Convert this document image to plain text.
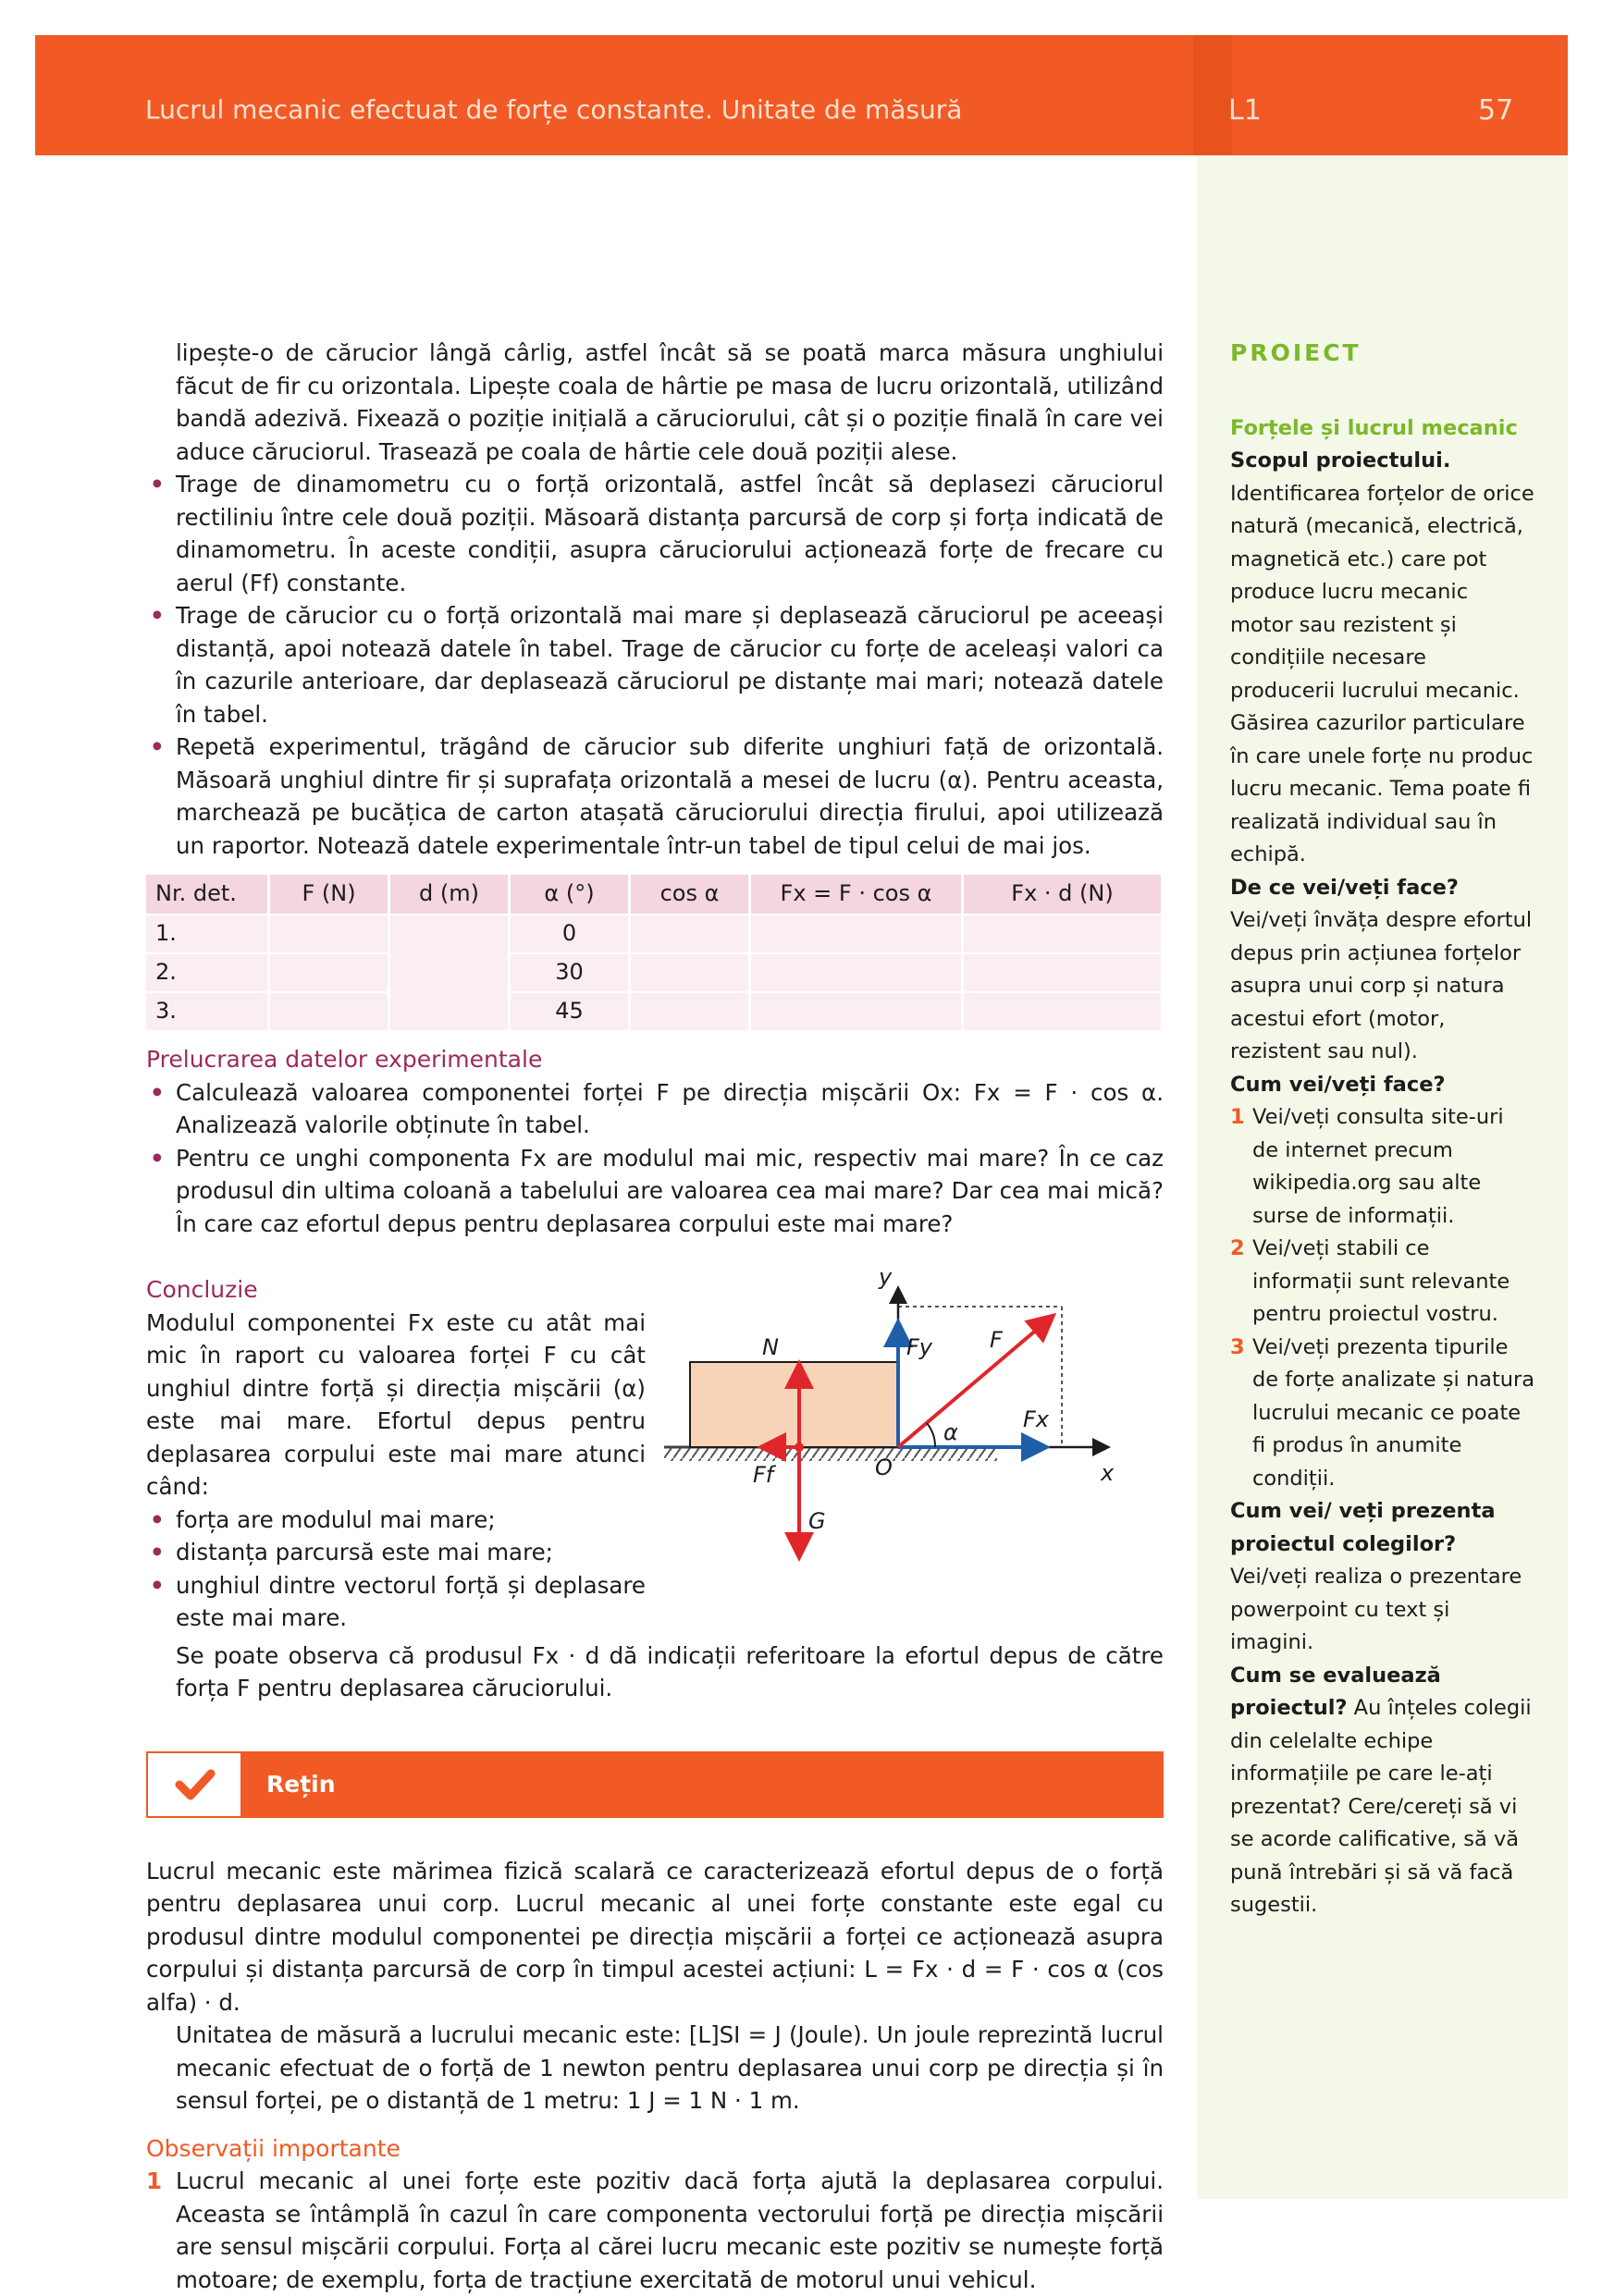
Lucrul mecanic efectuat de forțe constante. Unitate de măsură	L1	57

lipește-o de cărucior lângă cârlig, astfel încât să se poată marca măsura unghiului făcut de fir cu orizontala. Lipește coala de hârtie pe masa de lucru orizontală, utilizând bandă adezivă. Fixează o poziție inițială a căruciorului, cât și o poziție finală în care vei aduce căruciorul. Trasează pe coala de hârtie cele două poziții alese.

• Trage de dinamometru cu o forță orizontală, astfel încât să deplasezi căruciorul rectiliniu între cele două poziții. Măsoară distanța parcursă de corp și forța indicată de dinamometru. În aceste condiții, asupra căruciorului acționează forțe de frecare cu aerul (Ff) constante.
• Trage de cărucior cu o forță orizontală mai mare și deplasează căruciorul pe aceeași distanță, apoi notează datele în tabel. Trage de cărucior cu forțe de aceleași valori ca în cazurile anterioare, dar deplasează căruciorul pe distanțe mai mari; notează datele în tabel.
• Repetă experimentul, trăgând de cărucior sub diferite unghiuri față de orizontală. Măsoară unghiul dintre fir și suprafața orizontală a mesei de lucru (α). Pentru aceasta, marchează pe bucățica de carton atașată căruciorului direcția firului, apoi utilizează un raportor. Notează datele experimentale într-un tabel de tipul celui de mai jos.
Nr. det.	F (N)	d (m)	α (°)	cos α	Fx = F · cos α	Fx · d (N)
1.			0			
2.			30			
3.			45			
Prelucrarea datelor experimentale
• Calculează valoarea componentei forței F pe direcția mișcării Ox: Fx = F · cos α. Analizează valorile obținute în tabel.
• Pentru ce unghi componenta Fx are modulul mai mic, respectiv mai mare? În ce caz produsul din ultima coloană a tabelului are valoarea cea mai mare? Dar cea mai mică? În care caz efortul depus pentru deplasarea corpului este mai mare?
Concluzie

Modulul componentei Fx este cu atât mai mic în raport cu valoarea forței F cu cât unghiul dintre forță și direcția mișcării (α) este mai mare. Efortul depus pentru deplasarea corpului este mai mare atunci când:

• forța are modulul mai mare;
• distanța parcursă este mai mare;
• unghiul dintre vectorul forță și deplasare este mai mare.
y
x
O
F
Fy
Fx
N
Ff
G
α

Se poate observa că produsul Fx · d dă indicații referitoare la efortul depus de către forța F pentru deplasarea căruciorului.

Rețin

Lucrul mecanic este mărimea fizică scalară ce caracterizează efortul depus de o forță pentru deplasarea unui corp. Lucrul mecanic al unei forțe constante este egal cu produsul dintre modulul componentei pe direcția mișcării a forței ce acționează asupra corpului și distanța parcursă de corp în timpul acestei acțiuni: L = Fx · d = F · cos α (cos alfa) · d.

Unitatea de măsură a lucrului mecanic este: [L]SI = J (Joule). Un joule reprezintă lucrul mecanic efectuat de o forță de 1 newton pentru deplasarea unui corp pe direcția și în sensul forței, pe o distanță de 1 metru: 1 J = 1 N · 1 m.

Observații importante
1 Lucrul mecanic al unei forțe este pozitiv dacă forța ajută la deplasarea corpului. Aceasta se întâmplă în cazul în care componenta vectorului forță pe direcția mișcării are sensul mișcării corpului. Forța al cărei lucru mecanic este pozitiv se numește forță motoare; de exemplu, forța de tracțiune exercitată de motorul unui vehicul.

PROIECT

Forțele și lucrul mecanic

Scopul proiectului.

Identificarea forțelor de orice natură (mecanică, electrică, magnetică etc.) care pot produce lucru mecanic motor sau rezistent și condițiile necesare producerii lucrului mecanic. Găsirea cazurilor particulare în care unele forțe nu produc lucru mecanic. Tema poate fi realizată individual sau în echipă.

De ce vei/veți face?

Vei/veți învăța despre efortul depus prin acțiunea forțelor asupra unui corp și natura acestui efort (motor, rezistent sau nul).

Cum vei/veți face?

1 Vei/veți consulta site-uri de internet precum wikipedia.org sau alte surse de informații.

2 Vei/veți stabili ce informații sunt relevante pentru proiectul vostru.

3 Vei/veți prezenta tipurile de forțe analizate și natura lucrului mecanic ce poate fi produs în anumite condiții.

Cum vei/ veți prezenta proiectul colegilor?

Vei/veți realiza o prezentare powerpoint cu text și imagini.

Cum se evaluează proiectul? Au înțeles colegii din celelalte echipe informațiile pe care le-ați prezentat? Cere/cereți să vi se acorde calificative, să vă pună întrebări și să vă facă sugestii.
